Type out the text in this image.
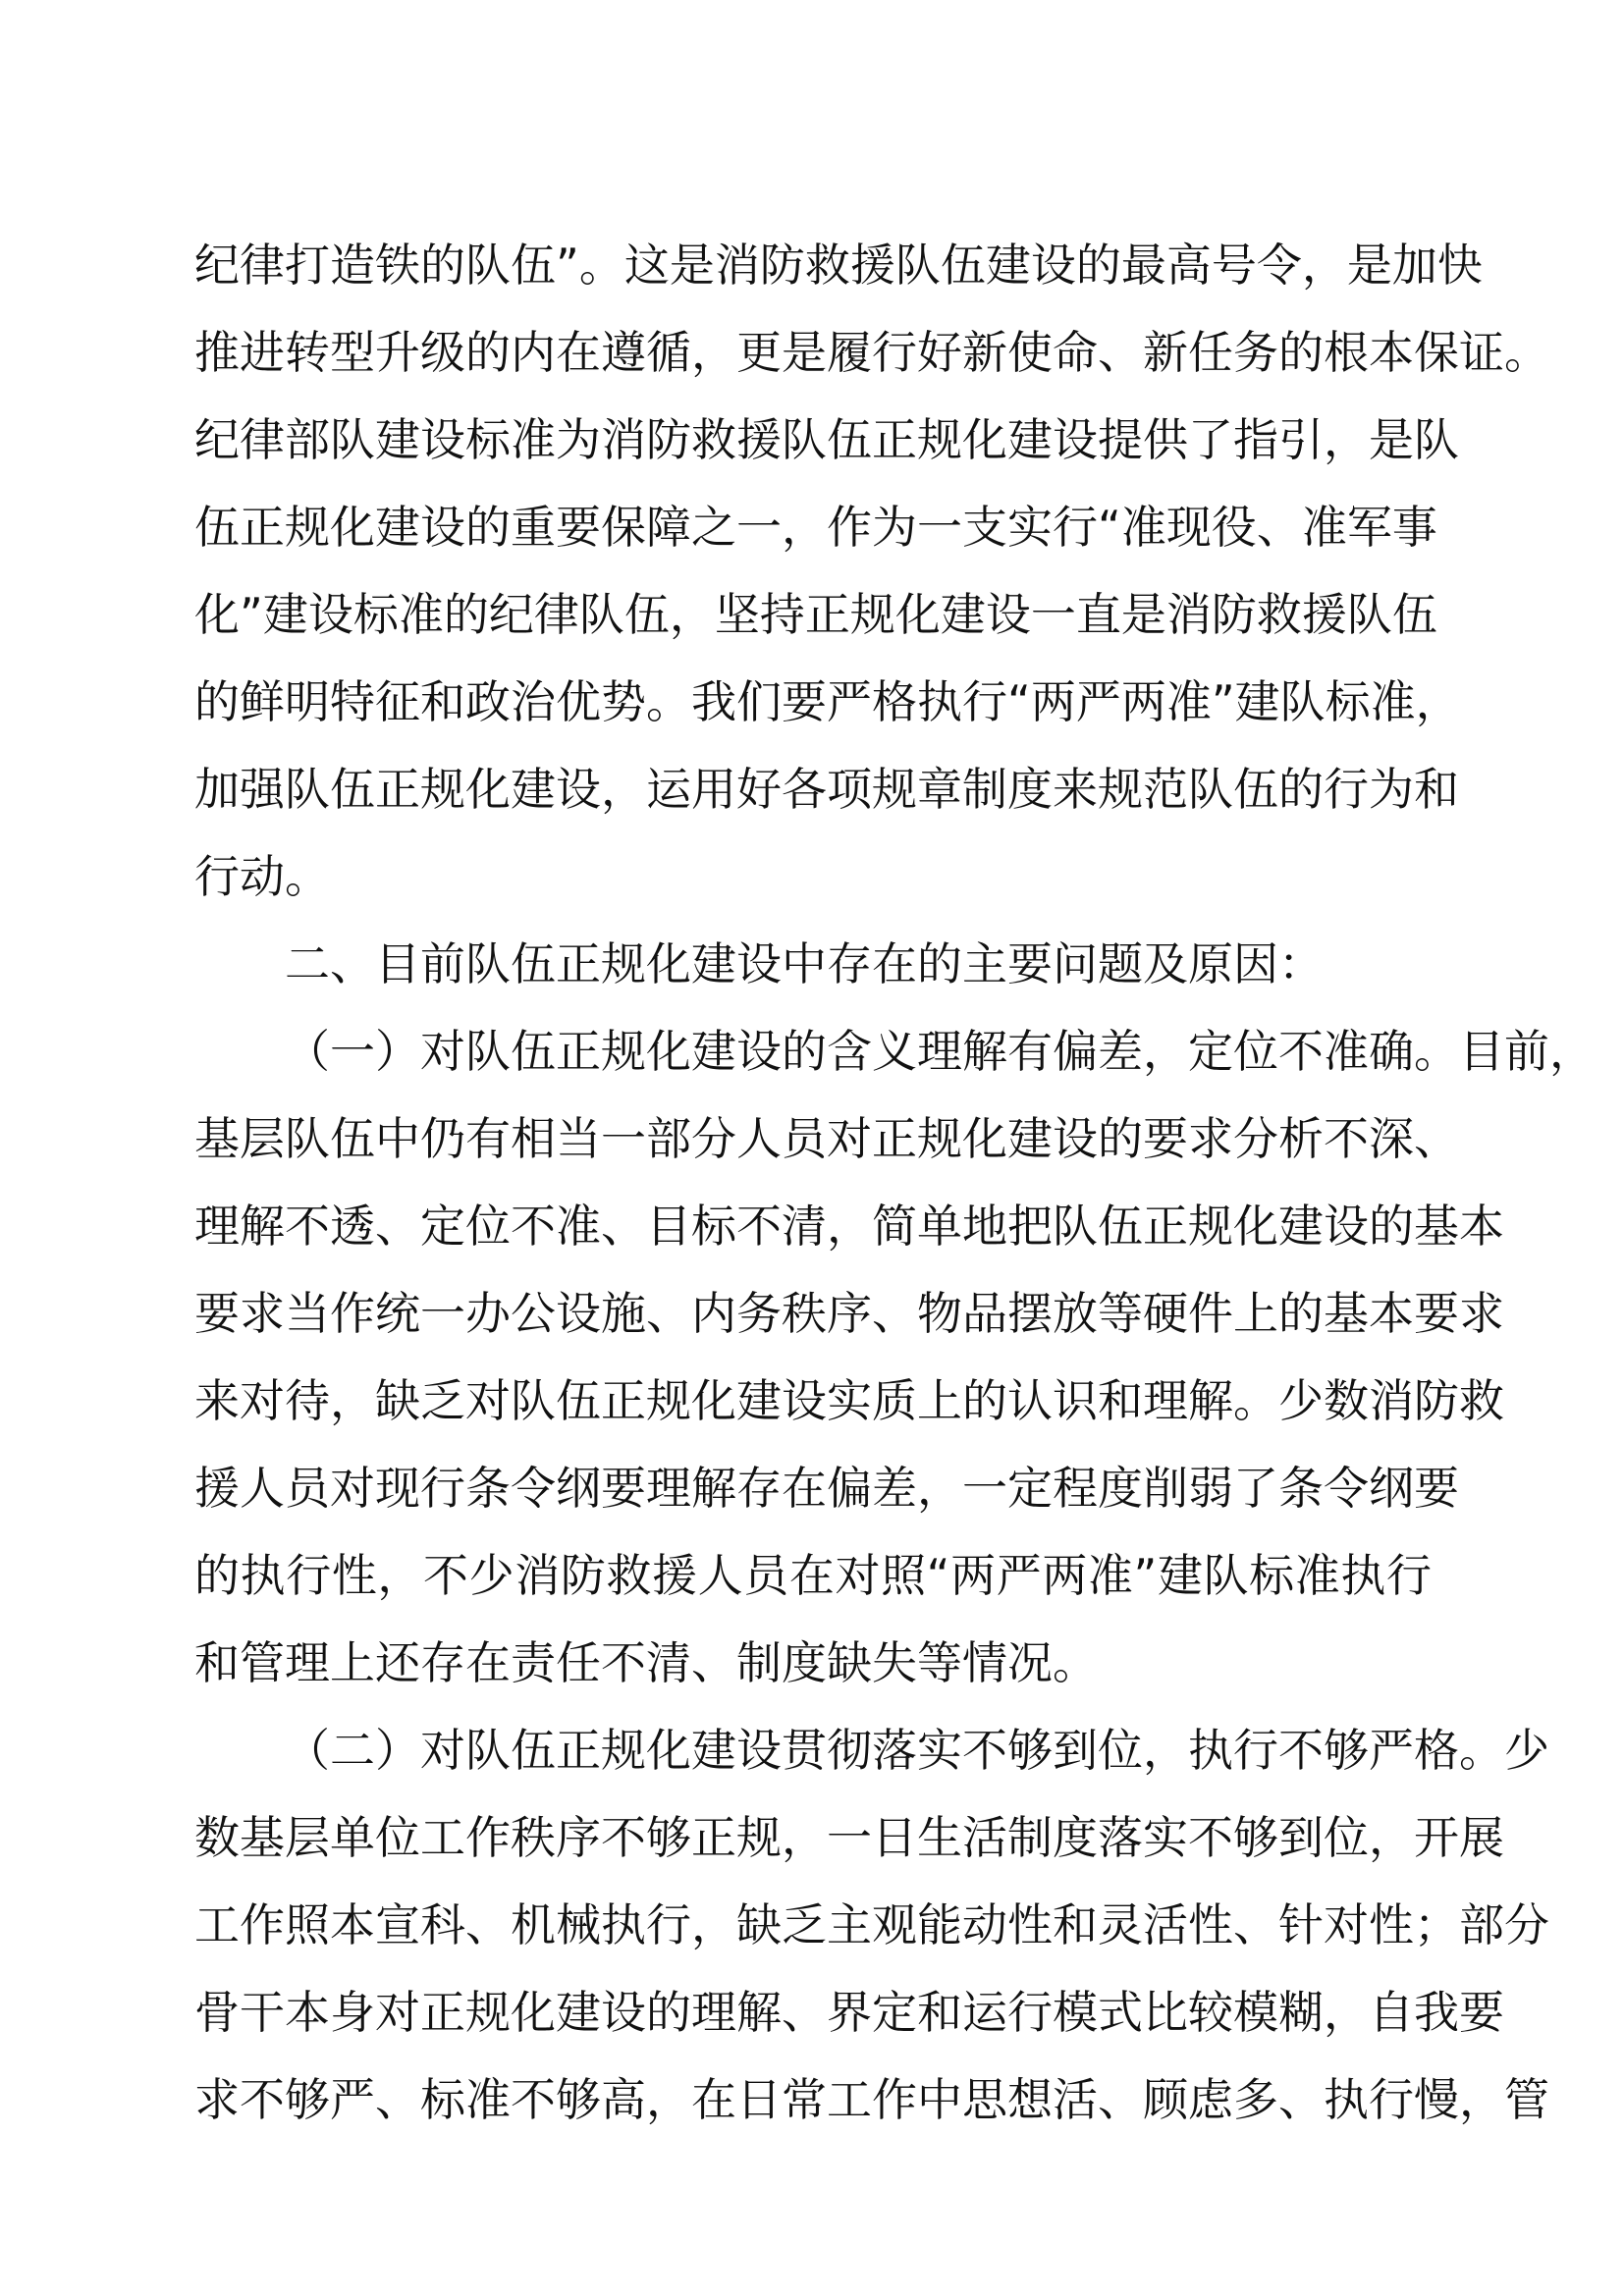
纪律打造铁的队伍”。这是消防救援队伍建设的最高号令，是加快
推进转型升级的内在遵循，更是履行好新使命、新任务的根本保证。
纪律部队建设标准为消防救援队伍正规化建设提供了指引，是队
伍正规化建设的重要保障之一，作为一支实行“准现役、准军事
化”建设标准的纪律队伍，坚持正规化建设一直是消防救援队伍
的鲜明特征和政治优势。我们要严格执行“两严两准”建队标准，
加强队伍正规化建设，运用好各项规章制度来规范队伍的行为和
行动。
二、目前队伍正规化建设中存在的主要问题及原因：
（一）对队伍正规化建设的含义理解有偏差，定位不准确。目前，
基层队伍中仍有相当一部分人员对正规化建设的要求分析不深、
理解不透、定位不准、目标不清，简单地把队伍正规化建设的基本
要求当作统一办公设施、内务秩序、物品摆放等硬件上的基本要求
来对待，缺乏对队伍正规化建设实质上的认识和理解。少数消防救
援人员对现行条令纲要理解存在偏差，一定程度削弱了条令纲要
的执行性，不少消防救援人员在对照“两严两准”建队标准执行
和管理上还存在责任不清、制度缺失等情况。
（二）对队伍正规化建设贯彻落实不够到位，执行不够严格。少
数基层单位工作秩序不够正规，一日生活制度落实不够到位，开展
工作照本宣科、机械执行，缺乏主观能动性和灵活性、针对性；部分
骨干本身对正规化建设的理解、界定和运行模式比较模糊，自我要
求不够严、标准不够高，在日常工作中思想活、顾虑多、执行慢，管
